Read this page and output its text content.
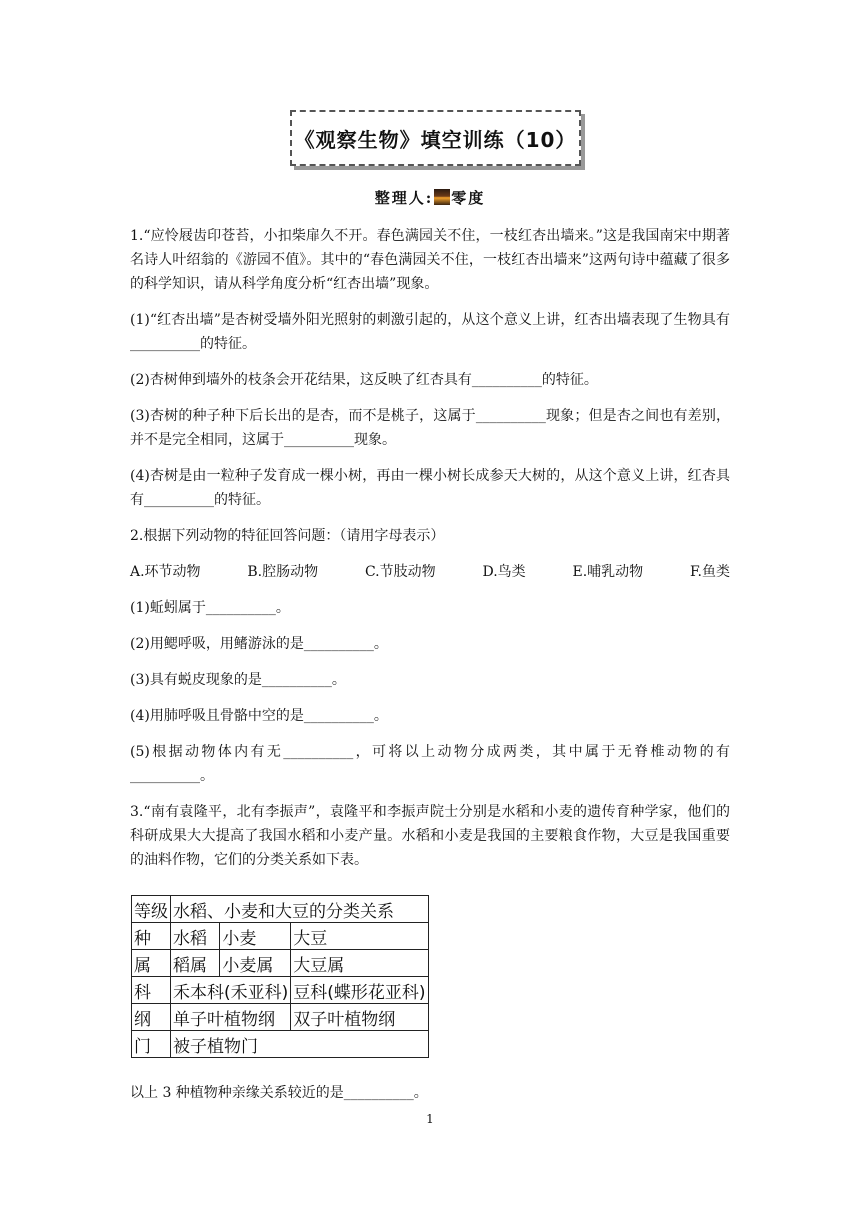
《观察生物》填空训练（10）
整理人: 零度

1.“应怜屐齿印苍苔，小扣柴扉久不开。春色满园关不住，一枝红杏出墙来。”这是我国南宋中期著名诗人叶绍翁的《游园不值》。其中的“春色满园关不住，一枝红杏出墙来”这两句诗中蕴藏了很多的科学知识，请从科学角度分析“红杏出墙”现象。

(1)“红杏出墙”是杏树受墙外阳光照射的刺激引起的，从这个意义上讲，红杏出墙表现了生物具有__________的特征。

(2)杏树伸到墙外的枝条会开花结果，这反映了红杏具有__________的特征。

(3)杏树的种子种下后长出的是杏，而不是桃子，这属于__________现象；但是杏之间也有差别，并不是完全相同，这属于__________现象。

(4)杏树是由一粒种子发育成一棵小树，再由一棵小树长成参天大树的，从这个意义上讲，红杏具有__________的特征。

2.根据下列动物的特征回答问题：（请用字母表示）

A.环节动物	B.腔肠动物	C.节肢动物	D.鸟类	E.哺乳动物	F.鱼类

(1)蚯蚓属于__________。

(2)用鳃呼吸，用鳍游泳的是__________。

(3)具有蜕皮现象的是__________。

(4)用肺呼吸且骨骼中空的是__________。

(5)根据动物体内有无__________，可将以上动物分成两类，其中属于无脊椎动物的有__________。

3.“南有袁隆平，北有李振声”，袁隆平和李振声院士分别是水稻和小麦的遗传育种学家，他们的科研成果大大提高了我国水稻和小麦产量。水稻和小麦是我国的主要粮食作物，大豆是我国重要的油料作物，它们的分类关系如下表。

等级	水稻、小麦和大豆的分类关系		
种	水稻	小麦	大豆
属	稻属	小麦属	大豆属
科	禾本科(禾亚科)		豆科(蝶形花亚科)
纲	单子叶植物纲		双子叶植物纲
门	被子植物门		

以上 3 种植物种亲缘关系较近的是__________。

1
